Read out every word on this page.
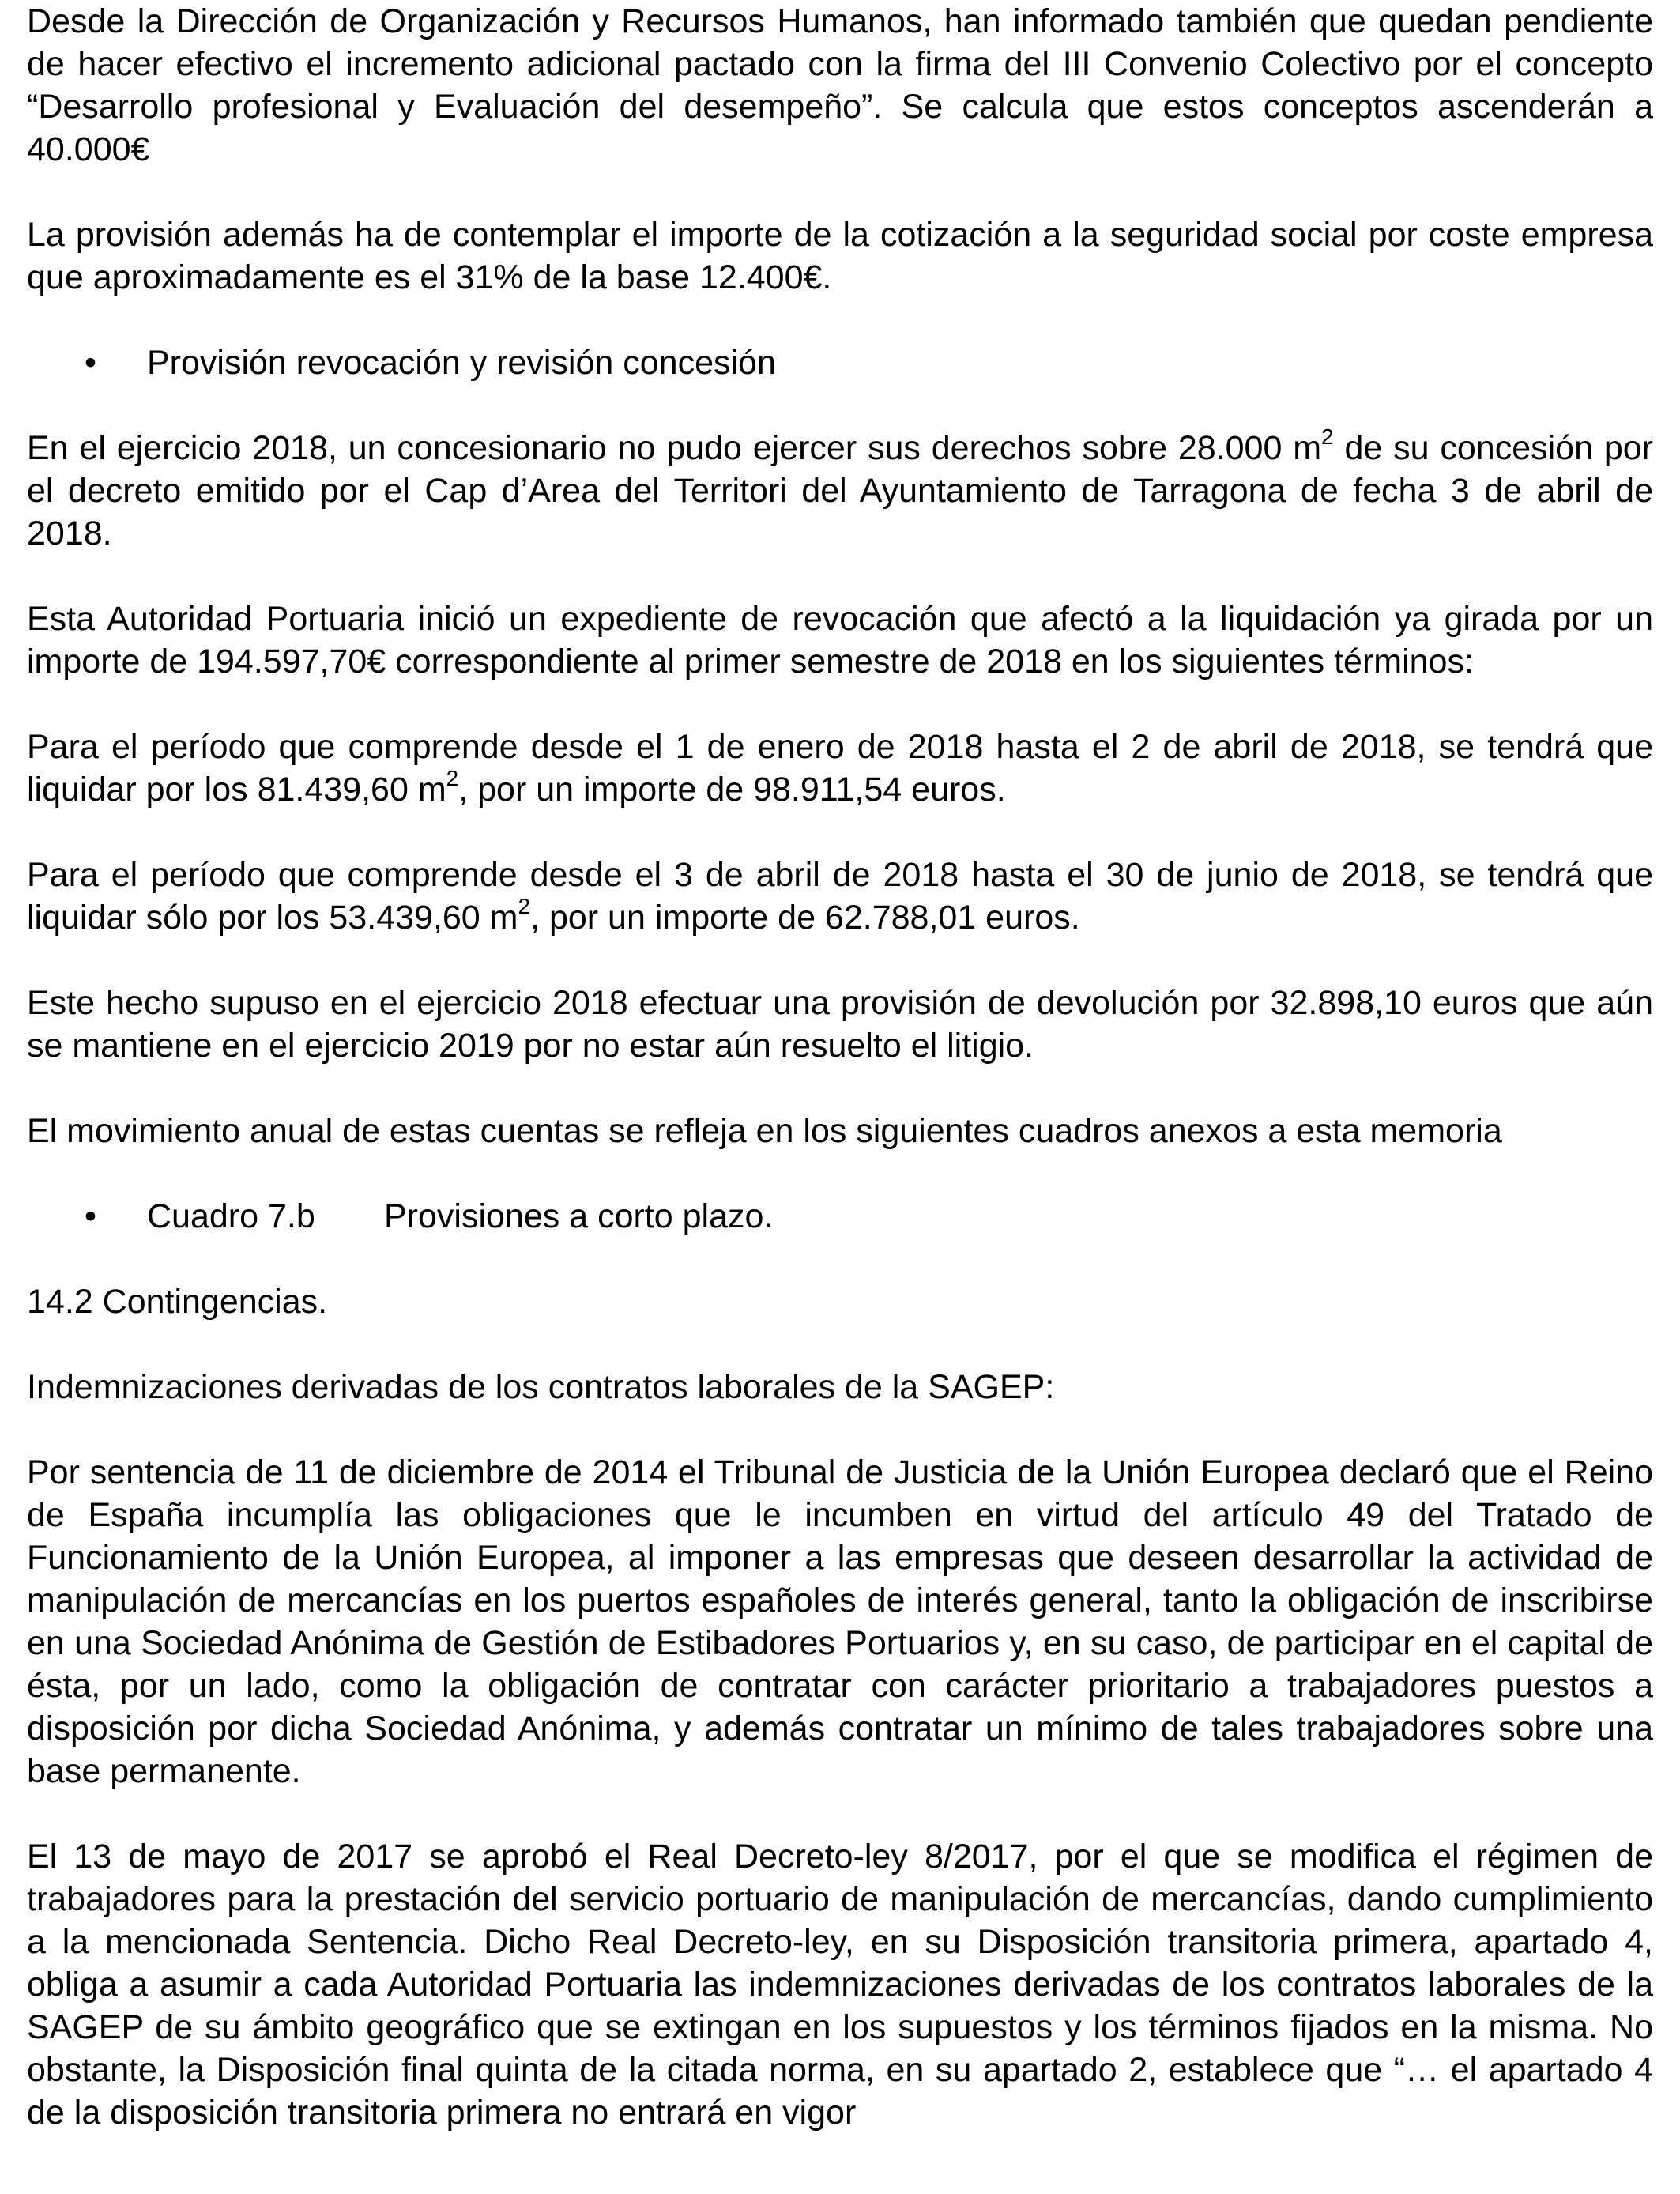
Desde la Dirección de Organización y Recursos Humanos, han informado también que quedan pendiente de hacer efectivo el incremento adicional pactado con la firma del III Convenio Colectivo por el concepto “Desarrollo profesional y Evaluación del desempeño”. Se calcula que estos conceptos ascenderán a 40.000€

La provisión además ha de contemplar el importe de la cotización a la seguridad social por coste empresa que aproximadamente es el 31% de la base 12.400€.

• Provisión revocación y revisión concesión

En el ejercicio 2018, un concesionario no pudo ejercer sus derechos sobre 28.000 $m^2$ de su concesión por el decreto emitido por el Cap d’Area del Territori del Ayuntamiento de Tarragona de fecha 3 de abril de 2018.

Esta Autoridad Portuaria inició un expediente de revocación que afectó a la liquidación ya girada por un importe de 194.597,70€ correspondiente al primer semestre de 2018 en los siguientes términos:

Para el período que comprende desde el 1 de enero de 2018 hasta el 2 de abril de 2018, se tendrá que liquidar por los 81.439,60 $m^2$, por un importe de 98.911,54 euros.

Para el período que comprende desde el 3 de abril de 2018 hasta el 30 de junio de 2018, se tendrá que liquidar sólo por los 53.439,60 $m^2$, por un importe de 62.788,01 euros.

Este hecho supuso en el ejercicio 2018 efectuar una provisión de devolución por 32.898,10 euros que aún se mantiene en el ejercicio 2019 por no estar aún resuelto el litigio.

El movimiento anual de estas cuentas se refleja en los siguientes cuadros anexos a esta memoria

• Cuadro 7.b Provisiones a corto plazo.

14.2 Contingencias.

Indemnizaciones derivadas de los contratos laborales de la SAGEP:

Por sentencia de 11 de diciembre de 2014 el Tribunal de Justicia de la Unión Europea declaró que el Reino de España incumplía las obligaciones que le incumben en virtud del artículo 49 del Tratado de Funcionamiento de la Unión Europea, al imponer a las empresas que deseen desarrollar la actividad de manipulación de mercancías en los puertos españoles de interés general, tanto la obligación de inscribirse en una Sociedad Anónima de Gestión de Estibadores Portuarios y, en su caso, de participar en el capital de ésta, por un lado, como la obligación de contratar con carácter prioritario a trabajadores puestos a disposición por dicha Sociedad Anónima, y además contratar un mínimo de tales trabajadores sobre una base permanente.

El 13 de mayo de 2017 se aprobó el Real Decreto-ley 8/2017, por el que se modifica el régimen de trabajadores para la prestación del servicio portuario de manipulación de mercancías, dando cumplimiento a la mencionada Sentencia. Dicho Real Decreto-ley, en su Disposición transitoria primera, apartado 4, obliga a asumir a cada Autoridad Portuaria las indemnizaciones derivadas de los contratos laborales de la SAGEP de su ámbito geográfico que se extingan en los supuestos y los términos fijados en la misma. No obstante, la Disposición final quinta de la citada norma, en su apartado 2, establece que “… el apartado 4 de la disposición transitoria primera no entrará en vigor
